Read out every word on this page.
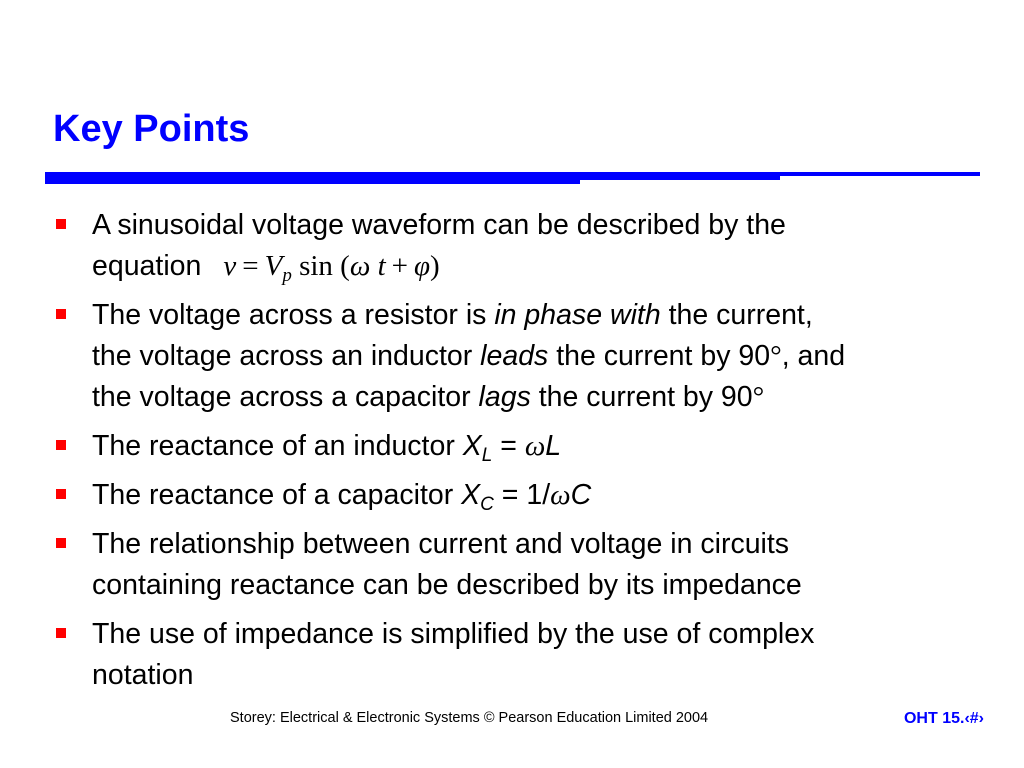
Key Points
A sinusoidal voltage waveform can be described by the
equation $v = V_p$ sin (ω t + φ)
The voltage across a resistor is in phase with the current,
the voltage across an inductor leads the current by 90°, and
the voltage across a capacitor lags the current by 90°
The reactance of an inductor $X_L = \omega L$
The reactance of a capacitor $X_C = 1/\omega C$
The relationship between current and voltage in circuits
containing reactance can be described by its impedance
The use of impedance is simplified by the use of complex
notation
Storey: Electrical & Electronic Systems © Pearson Education Limited 2004	OHT 15.‹#›
